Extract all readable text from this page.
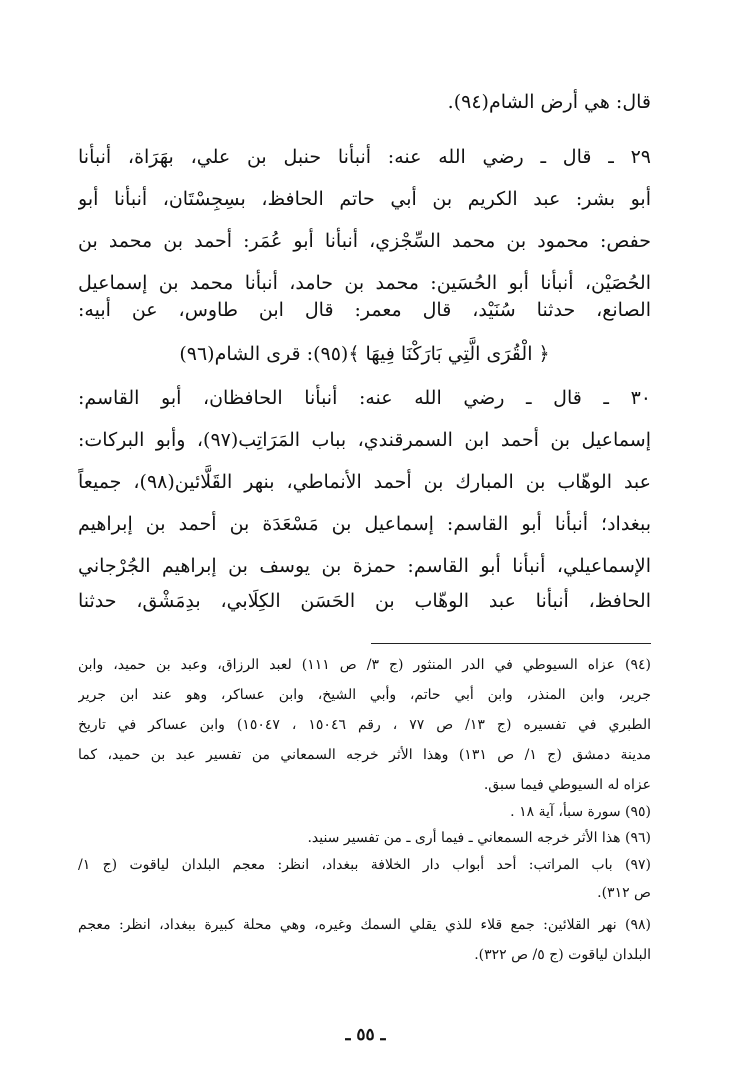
قال: هي أرض الشام(٩٤).
٢٩ ـ قال ـ رضي الله عنه: أنبأنا حنبل بن علي، بهَرَاة، أنبأنا
أبو بشر: عبد الكريم بن أبي حاتم الحافظ، بسِجِسْتَان، أنبأنا أبو
حفص: محمود بن محمد السِّجْزي، أنبأنا أبو عُمَر: أحمد بن محمد بن
الحُصَيْن، أنبأنا أبو الحُسَين: محمد بن حامد، أنبأنا محمد بن إسماعيل
الصانع، حدثنا سُنَيْد، قال معمر: قال ابن طاوس، عن أبيه:
﴿ الْقُرَى الَّتِي بَارَكْنَا فِيهَا ﴾(٩٥): قرى الشام(٩٦)
٣٠ ـ قال ـ رضي الله عنه: أنبأنا الحافظان، أبو القاسم:
إسماعيل بن أحمد ابن السمرقندي، بباب المَرَاتِب(٩٧)، وأبو البركات:
عبد الوهّاب بن المبارك بن أحمد الأنماطي، بنهر القَلَّائين(٩٨)، جميعاً
ببغداد؛ أنبأنا أبو القاسم: إسماعيل بن مَسْعَدَة بن أحمد بن إبراهيم
الإسماعيلي، أنبأنا أبو القاسم: حمزة بن يوسف بن إبراهيم الجُرْجاني
الحافظ، أنبأنا عبد الوهّاب بن الحَسَن الكِلَابي، بدِمَشْق، حدثنا
(٩٤) عزاه السيوطي في الدر المنثور (ج ٣/ ص ١١١) لعبد الرزاق، وعبد بن حميد، وابن
جرير، وابن المنذر، وابن أبي حاتم، وأبي الشيخ، وابن عساكر، وهو عند ابن جرير
الطبري في تفسيره (ج ١٣/ ص ٧٧ ، رقم ١٥٠٤٦ ، ١٥٠٤٧) وابن عساكر في تاريخ
مدينة دمشق (ج ١/ ص ١٣١) وهذا الأثر خرجه السمعاني من تفسير عبد بن حميد، كما
عزاه له السيوطي فيما سبق.
(٩٥) سورة سبأ، آية ١٨ .
(٩٦) هذا الأثر خرجه السمعاني ـ فيما أرى ـ من تفسير سنيد.
(٩٧) باب المراتب: أحد أبواب دار الخلافة ببغداد، انظر: معجم البلدان لياقوت (ج ١/
ص ٣١٢).
(٩٨) نهر القلائين: جمع قلاء للذي يقلي السمك وغيره، وهي محلة كبيرة ببغداد، انظر: معجم
البلدان لياقوت (ج ٥/ ص ٣٢٢).
ـ ٥٥ ـ
